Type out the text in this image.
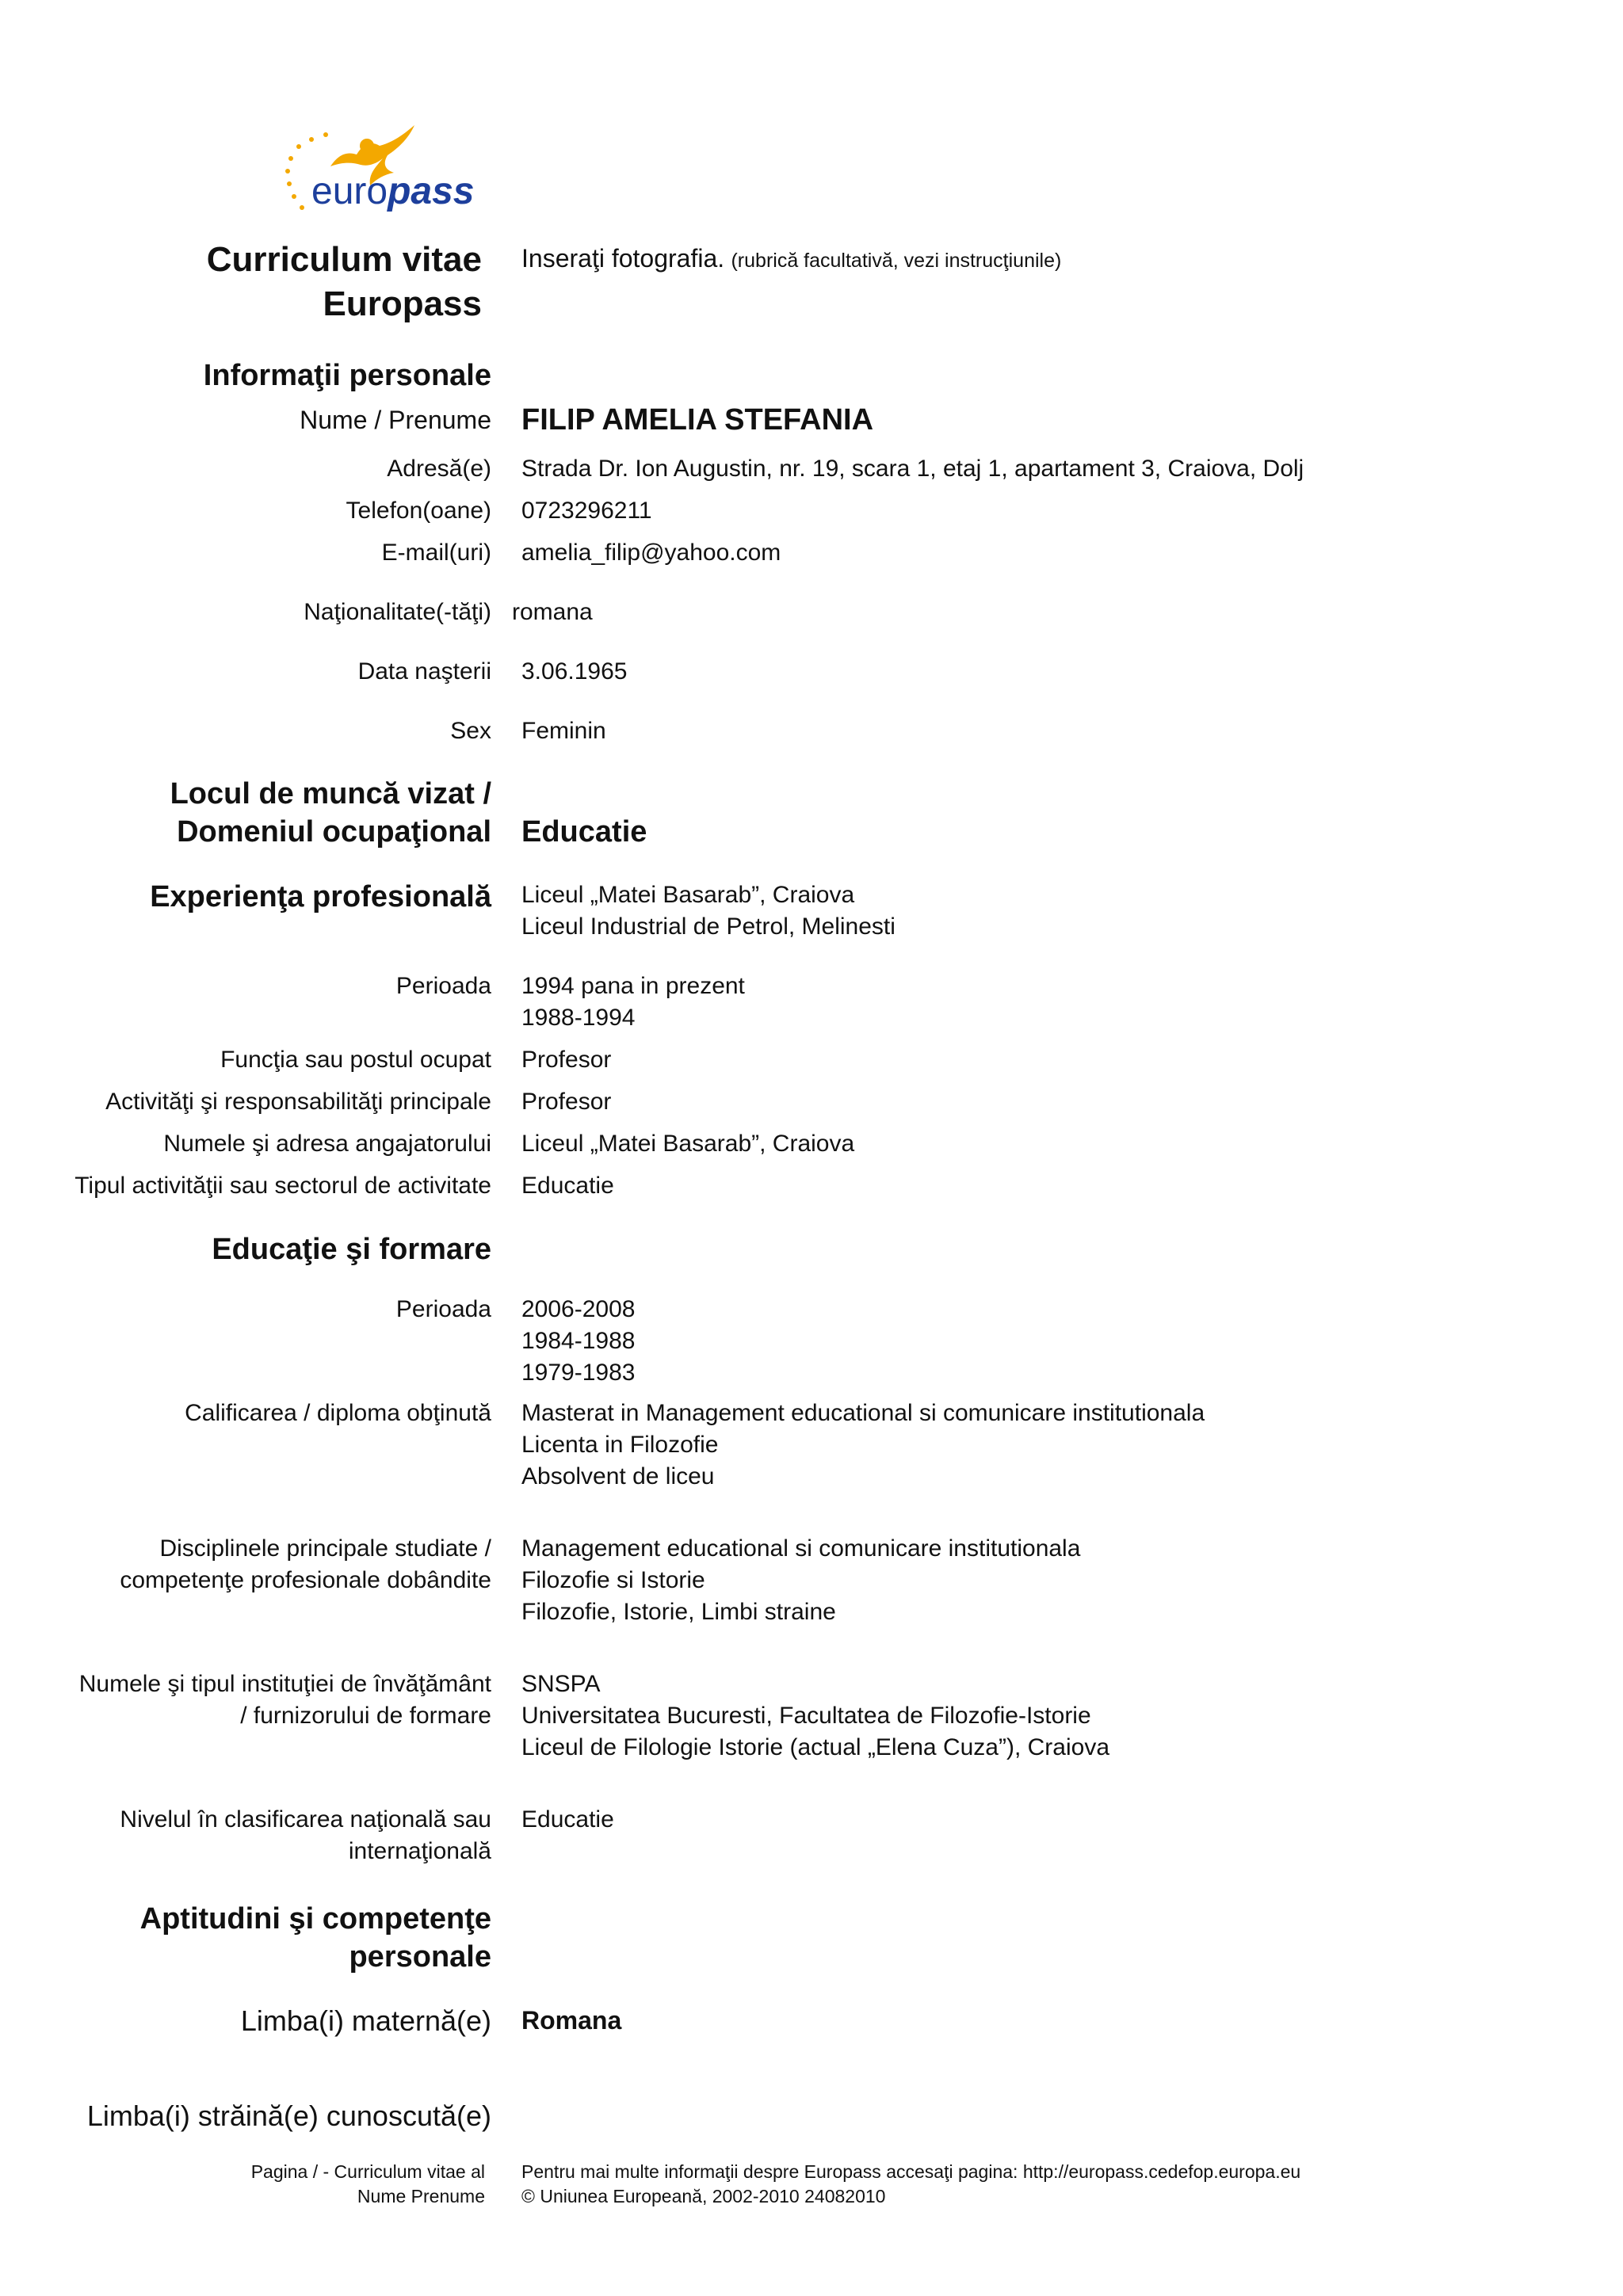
europass
Curriculum vitae
Europass
Inseraţi fotografia. (rubrică facultativă, vezi instrucţiunile)
Informaţii personale
Nume / Prenume FILIP AMELIA STEFANIA
Adresă(e) Strada Dr. Ion Augustin, nr. 19, scara 1, etaj 1, apartament 3, Craiova, Dolj
Telefon(oane) 0723296211
E-mail(uri) amelia_filip@yahoo.com
Naţionalitate(-tăţi) romana
Data naşterii 3.06.1965
Sex Feminin
Locul de muncă vizat /
Domeniul ocupaţional Educatie
Experienţa profesională Liceul „Matei Basarab”, Craiova
Liceul Industrial de Petrol, Melinesti
Perioada 1994 pana in prezent
1988-1994
Funcţia sau postul ocupat Profesor
Activităţi şi responsabilităţi principale Profesor
Numele şi adresa angajatorului Liceul „Matei Basarab”, Craiova
Tipul activităţii sau sectorul de activitate Educatie
Educaţie şi formare
Perioada 2006-2008
1984-1988
1979-1983
Calificarea / diploma obţinută Masterat in Management educational si comunicare institutionala
Licenta in Filozofie
Absolvent de liceu
Disciplinele principale studiate /
competenţe profesionale dobândite
Management educational si comunicare institutionala
Filozofie si Istorie
Filozofie, Istorie, Limbi straine
Numele şi tipul instituţiei de învăţământ
/ furnizorului de formare
SNSPA
Universitatea Bucuresti, Facultatea de Filozofie-Istorie
Liceul de Filologie Istorie (actual „Elena Cuza”), Craiova
Nivelul în clasificarea naţională sau
internaţională
Educatie
Aptitudini şi competenţe
personale
Limba(i) maternă(e) Romana
Limba(i) străină(e) cunoscută(e)
Pagina / - Curriculum vitae al
Nume Prenume
Pentru mai multe informaţii despre Europass accesaţi pagina: http://europass.cedefop.europa.eu
© Uniunea Europeană, 2002-2010 24082010
